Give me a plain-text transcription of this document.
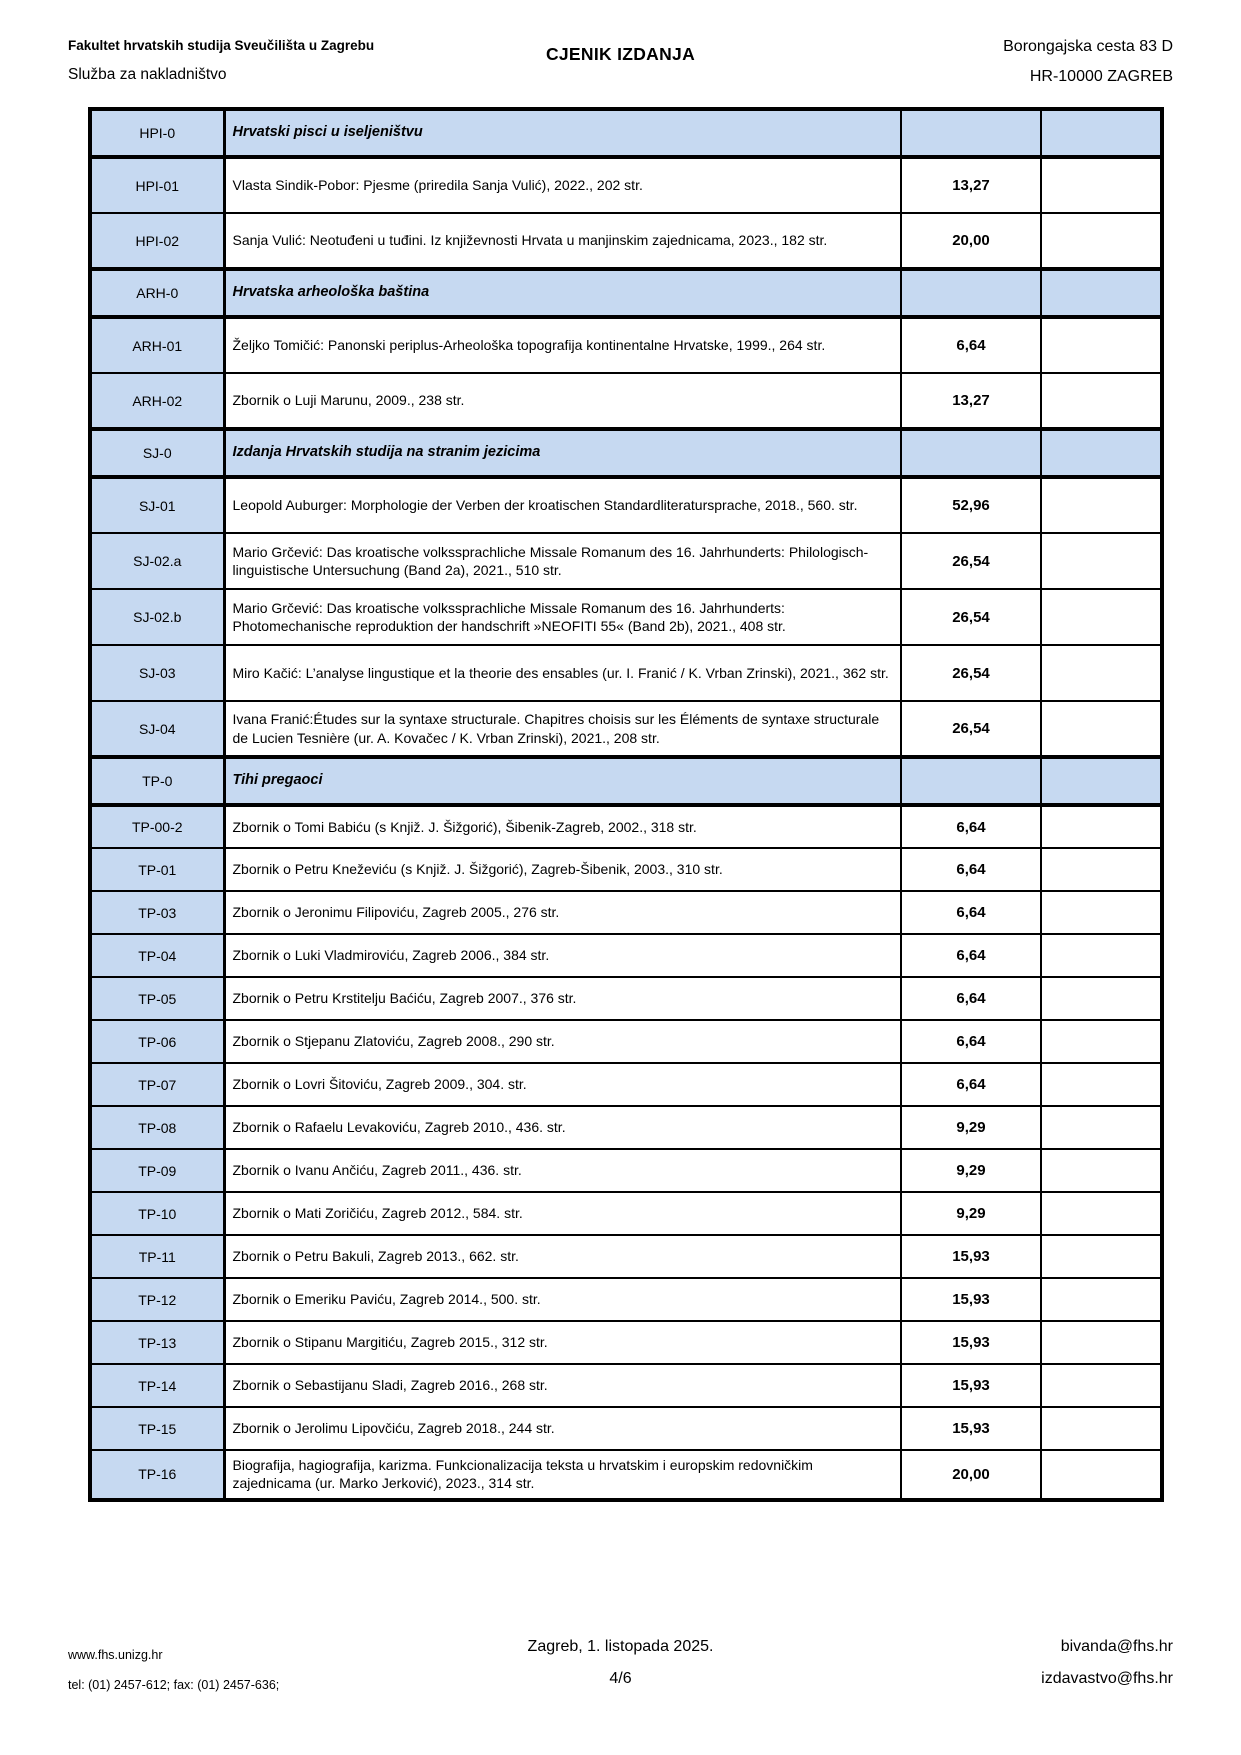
Fakultet hrvatskih studija Sveučilišta u Zagrebu
Služba za nakladništvo
CJENIK IZDANJA	Borongajska cesta 83 D
HR-10000 ZAGREB
HPI-0	Hrvatski pisci u iseljeništvu		
HPI-01	Vlasta Sindik-Pobor: Pjesme (priredila Sanja Vulić), 2022., 202 str.	13,27	
HPI-02	Sanja Vulić: Neotuđeni u tuđini. Iz književnosti Hrvata u manjinskim zajednicama, 2023., 182 str.	20,00	
ARH-0	Hrvatska arheološka baština		
ARH-01	Željko Tomičić: Panonski periplus-Arheološka topografija kontinentalne Hrvatske, 1999., 264 str.	6,64	
ARH-02	Zbornik o Luji Marunu, 2009., 238 str.	13,27	
SJ-0	Izdanja Hrvatskih studija na stranim jezicima		
SJ-01	Leopold Auburger: Morphologie der Verben der kroatischen Standardliteratursprache, 2018., 560. str.	52,96	
SJ-02.a	Mario Grčević: Das kroatische volkssprachliche Missale Romanum des 16. Jahrhunderts: Philologisch-linguistische Untersuchung (Band 2a), 2021., 510 str.	26,54	
SJ-02.b	Mario Grčević: Das kroatische volkssprachliche Missale Romanum des 16. Jahrhunderts: Photomechanische reproduktion der handschrift »NEOFITI 55« (Band 2b), 2021., 408 str.	26,54	
SJ-03	Miro Kačić: L’analyse lingustique et la theorie des ensables (ur. I. Franić / K. Vrban Zrinski), 2021., 362 str.	26,54	
SJ-04	Ivana Franić:Études sur la syntaxe structurale. Chapitres choisis sur les Éléments de syntaxe structurale de Lucien Tesnière (ur. A. Kovačec / K. Vrban Zrinski), 2021., 208 str.	26,54	
TP-0	Tihi pregaoci		
TP-00-2	Zbornik o Tomi Babiću (s Knjiž. J. Šižgorić), Šibenik-Zagreb, 2002., 318 str.	6,64	
TP-01	Zbornik o Petru Kneževiću (s Knjiž. J. Šižgorić), Zagreb-Šibenik, 2003., 310 str.	6,64	
TP-03	Zbornik o Jeronimu Filipoviću, Zagreb 2005., 276 str.	6,64	
TP-04	Zbornik o Luki Vladmiroviću, Zagreb 2006., 384 str.	6,64	
TP-05	Zbornik o Petru Krstitelju Baćiću, Zagreb 2007., 376 str.	6,64	
TP-06	Zbornik o Stjepanu Zlatoviću, Zagreb 2008., 290 str.	6,64	
TP-07	Zbornik o Lovri Šitoviću, Zagreb 2009., 304. str.	6,64	
TP-08	Zbornik o Rafaelu Levakoviću, Zagreb 2010., 436. str.	9,29	
TP-09	Zbornik o Ivanu Ančiću, Zagreb 2011., 436. str.	9,29	
TP-10	Zbornik o Mati Zoričiću, Zagreb 2012., 584. str.	9,29	
TP-11	Zbornik o Petru Bakuli, Zagreb 2013., 662. str.	15,93	
TP-12	Zbornik o Emeriku Paviću, Zagreb 2014., 500. str.	15,93	
TP-13	Zbornik o Stipanu Margitiću, Zagreb 2015., 312 str.	15,93	
TP-14	Zbornik o Sebastijanu Sladi, Zagreb 2016., 268 str.	15,93	
TP-15	Zbornik o Jerolimu Lipovčiću, Zagreb 2018., 244 str.	15,93	
TP-16	Biografija, hagiografija, karizma. Funkcionalizacija teksta u hrvatskim i europskim redovničkim zajednicama (ur. Marko Jerković), 2023., 314 str.	20,00	
www.fhs.unizg.hr
tel: (01) 2457-612; fax: (01) 2457-636;
Zagreb, 1. listopada 2025.
4/6
bivanda@fhs.hr
izdavastvo@fhs.hr
